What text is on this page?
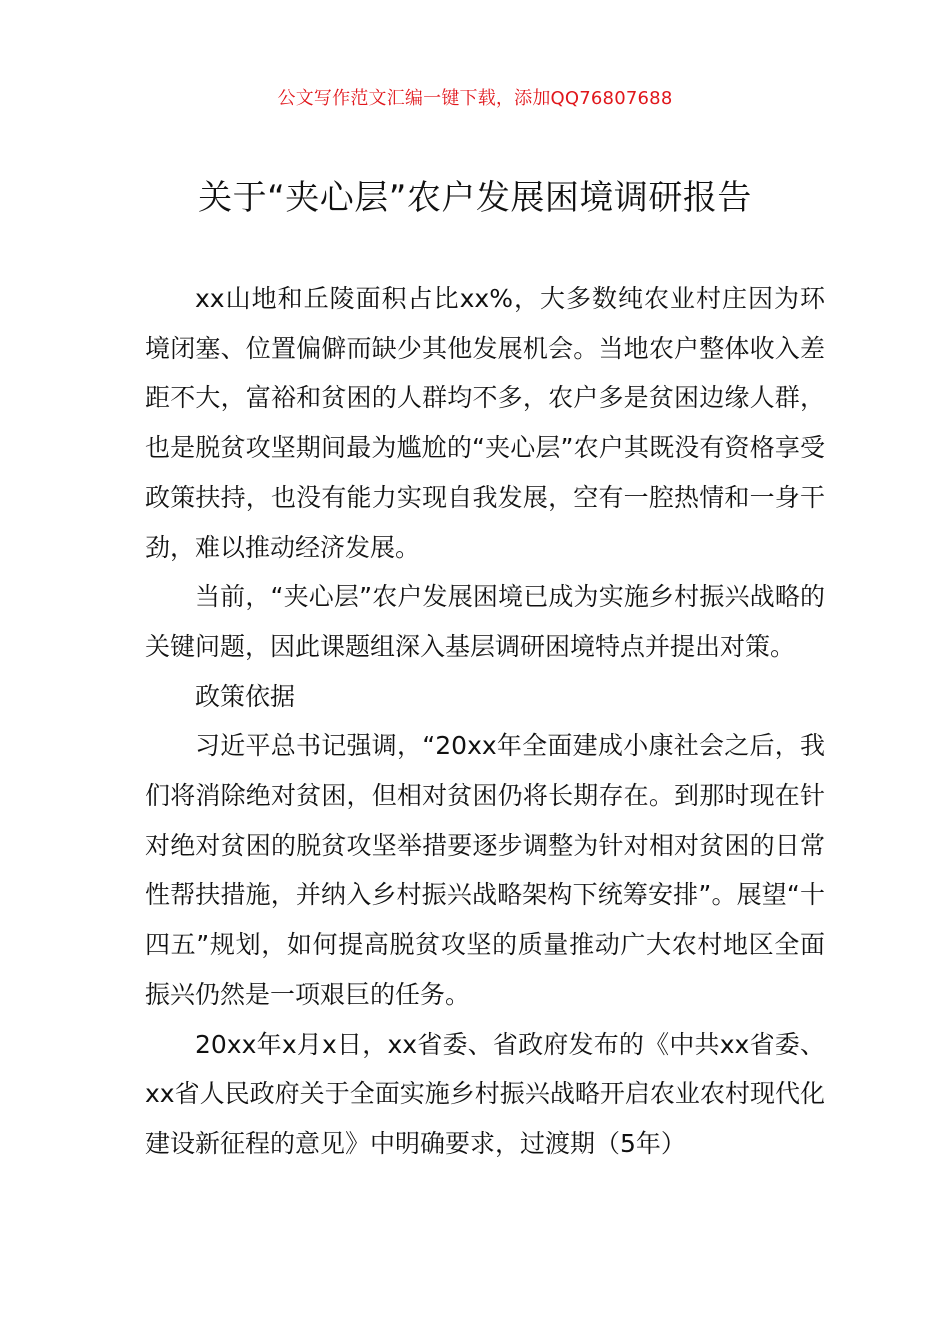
公文写作范文汇编一键下载，添加QQ76807688
关于“夹心层”农户发展困境调研报告

xx山地和丘陵面积占比xx%，大多数纯农业村庄因为环境闭塞、位置偏僻而缺少其他发展机会。当地农户整体收入差距不大，富裕和贫困的人群均不多，农户多是贫困边缘人群，也是脱贫攻坚期间最为尴尬的“夹心层”农户其既没有资格享受政策扶持，也没有能力实现自我发展，空有一腔热情和一身干劲，难以推动经济发展。

当前，“夹心层”农户发展困境已成为实施乡村振兴战略的关键问题，因此课题组深入基层调研困境特点并提出对策。

政策依据

习近平总书记强调，“20xx年全面建成小康社会之后，我们将消除绝对贫困，但相对贫困仍将长期存在。到那时现在针对绝对贫困的脱贫攻坚举措要逐步调整为针对相对贫困的日常性帮扶措施，并纳入乡村振兴战略架构下统筹安排”。展望“十四五”规划，如何提高脱贫攻坚的质量推动广大农村地区全面振兴仍然是一项艰巨的任务。

20xx年x月x日，xx省委、省政府发布的《中共xx省委、xx省人民政府关于全面实施乡村振兴战略开启农业农村现代化建设新征程的意见》中明确要求，过渡期（5年）
